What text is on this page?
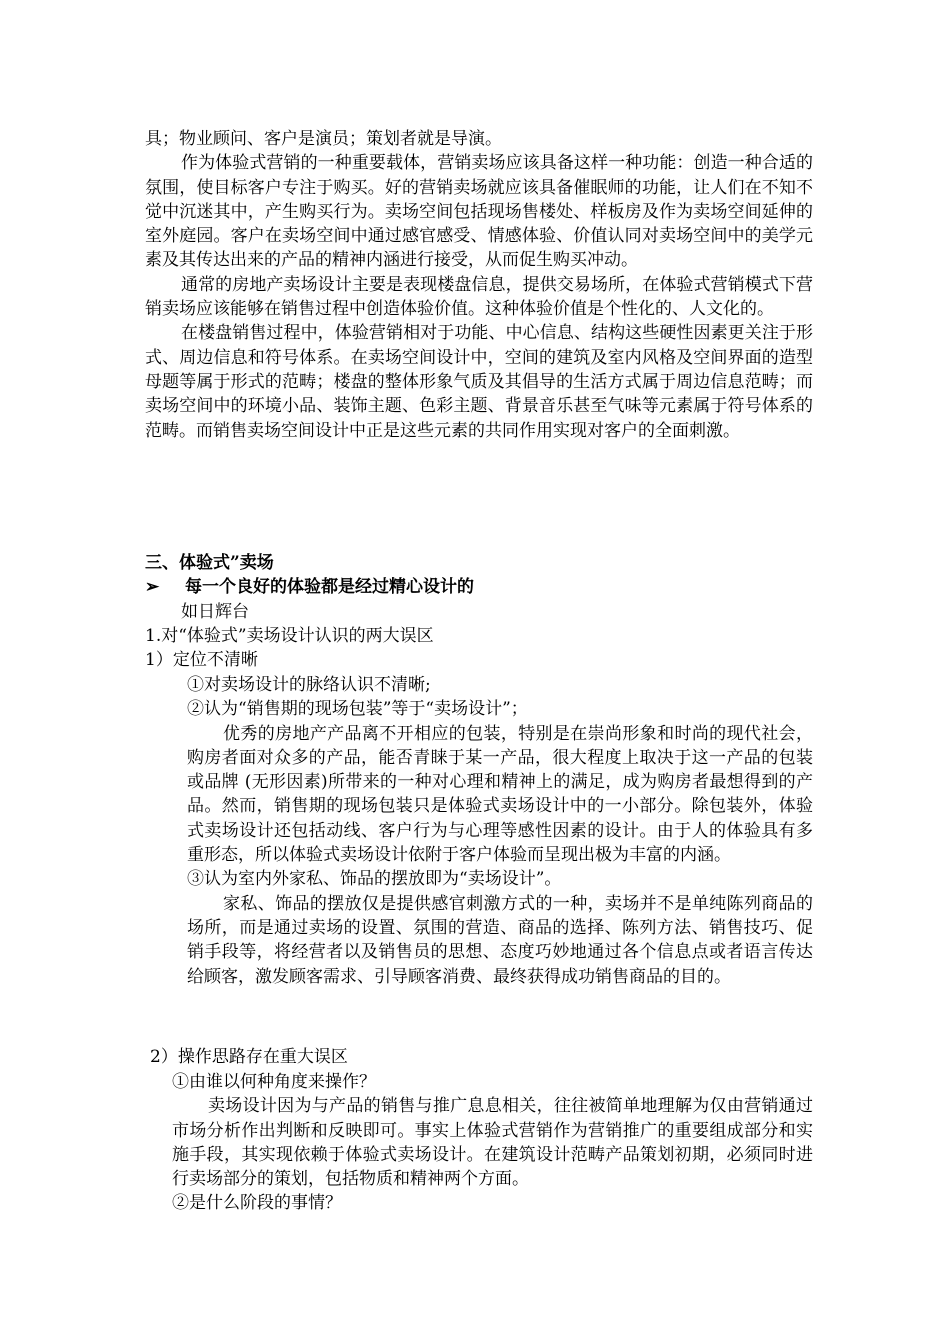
具；物业顾问、客户是演员；策划者就是导演。

作为体验式营销的一种重要载体，营销卖场应该具备这样一种功能：创造一种合适的氛围，使目标客户专注于购买。好的营销卖场就应该具备催眠师的功能，让人们在不知不觉中沉迷其中，产生购买行为。卖场空间包括现场售楼处、样板房及作为卖场空间延伸的室外庭园。客户在卖场空间中通过感官感受、情感体验、价值认同对卖场空间中的美学元素及其传达出来的产品的精神内涵进行接受，从而促生购买冲动。

通常的房地产卖场设计主要是表现楼盘信息，提供交易场所，在体验式营销模式下营销卖场应该能够在销售过程中创造体验价值。这种体验价值是个性化的、人文化的。

在楼盘销售过程中，体验营销相对于功能、中心信息、结构这些硬性因素更关注于形式、周边信息和符号体系。在卖场空间设计中，空间的建筑及室内风格及空间界面的造型母题等属于形式的范畴；楼盘的整体形象气质及其倡导的生活方式属于周边信息范畴；而卖场空间中的环境小品、装饰主题、色彩主题、背景音乐甚至气味等元素属于符号体系的范畴。而销售卖场空间设计中正是这些元素的共同作用实现对客户的全面刺激。

三、体验式”卖场

➢ 每一个良好的体验都是经过精心设计的

如日辉台

1.对“体验式”卖场设计认识的两大误区

1）定位不清晰

①对卖场设计的脉络认识不清晰;

②认为“销售期的现场包装”等于“卖场设计”；

优秀的房地产产品离不开相应的包装，特别是在崇尚形象和时尚的现代社会，购房者面对众多的产品，能否青睐于某一产品，很大程度上取决于这一产品的包装或品牌 (无形因素)所带来的一种对心理和精神上的满足，成为购房者最想得到的产品。然而，销售期的现场包装只是体验式卖场设计中的一小部分。除包装外，体验式卖场设计还包括动线、客户行为与心理等感性因素的设计。由于人的体验具有多重形态，所以体验式卖场设计依附于客户体验而呈现出极为丰富的内涵。

③认为室内外家私、饰品的摆放即为“卖场设计”。

家私、饰品的摆放仅是提供感官刺激方式的一种，卖场并不是单纯陈列商品的场所，而是通过卖场的设置、氛围的营造、商品的选择、陈列方法、销售技巧、促销手段等，将经营者以及销售员的思想、态度巧妙地通过各个信息点或者语言传达给顾客，激发顾客需求、引导顾客消费、最终获得成功销售商品的目的。

2）操作思路存在重大误区

①由谁以何种角度来操作？

卖场设计因为与产品的销售与推广息息相关，往往被简单地理解为仅由营销通过市场分析作出判断和反映即可。事实上体验式营销作为营销推广的重要组成部分和实施手段，其实现依赖于体验式卖场设计。在建筑设计范畴产品策划初期，必须同时进行卖场部分的策划，包括物质和精神两个方面。

②是什么阶段的事情？
